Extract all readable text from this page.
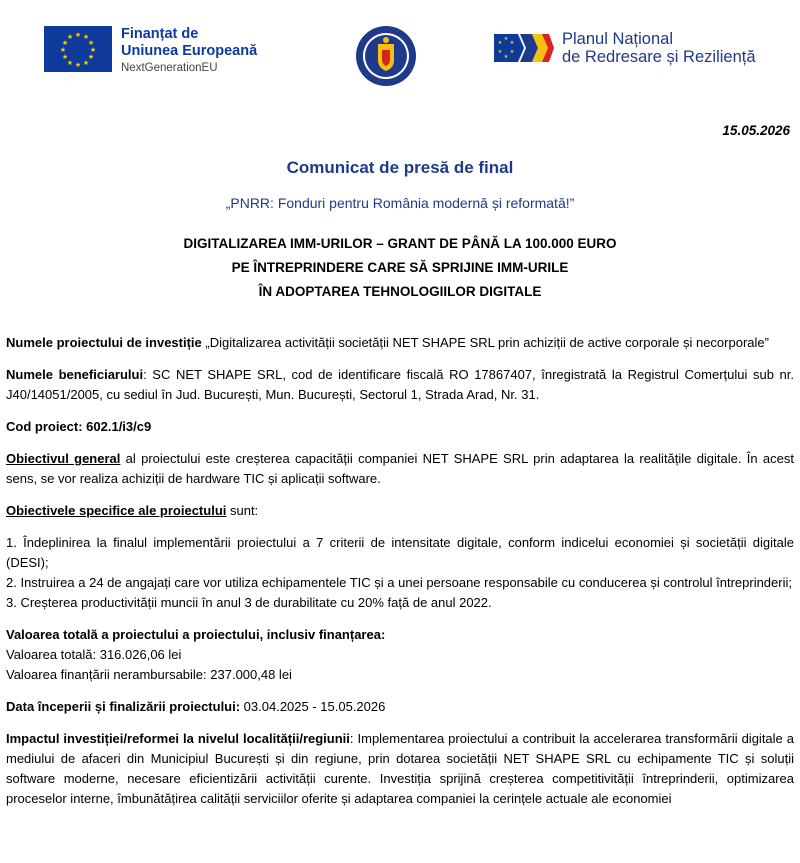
★ ★
★
★
★
★
★
★
★
★
★
★	Finanțat de
Uniunea Europeană
NextGenerationEU
★
★
★
★
★
★	Planul Național
de Redresare și Reziliență
15.05.2026
Comunicat de presă de final
„PNRR: Fonduri pentru România modernă și reformată!”
DIGITALIZAREA IMM-URILOR – GRANT DE PÂNĂ LA 100.000 EURO
PE ÎNTREPRINDERE CARE SĂ SPRIJINE IMM-URILE
ÎN ADOPTAREA TEHNOLOGIILOR DIGITALE

Numele proiectului de investiție „Digitalizarea activității societății NET SHAPE SRL prin achiziții de active corporale și necorporale”

Numele beneficiarului: SC NET SHAPE SRL, cod de identificare fiscală RO 17867407, înregistrată la Registrul Comerțului sub nr. J40/14051/2005, cu sediul în Jud. București, Mun. București, Sectorul 1, Strada Arad, Nr. 31.

Cod proiect: 602.1/i3/c9

Obiectivul general al proiectului este creșterea capacității companiei NET SHAPE SRL prin adaptarea la realitățile digitale. În acest sens, se vor realiza achiziții de hardware TIC și aplicații software.

Obiectivele specifice ale proiectului sunt:

1. Îndeplinirea la finalul implementării proiectului a 7 criterii de intensitate digitale, conform indicelui economiei și societății digitale (DESI);

2. Instruirea a 24 de angajați care vor utiliza echipamentele TIC și a unei persoane responsabile cu conducerea și controlul întreprinderii;

3. Creșterea productivității muncii în anul 3 de durabilitate cu 20% față de anul 2022.

Valoarea totală a proiectului a proiectului, inclusiv finanțarea:

Valoarea totală: 316.026,06 lei

Valoarea finanțării nerambursabile: 237.000,48 lei

Data începerii și finalizării proiectului: 03.04.2025 - 15.05.2026

Impactul investiției/reformei la nivelul localității/regiunii: Implementarea proiectului a contribuit la accelerarea transformării digitale a mediului de afaceri din Municipiul București și din regiune, prin dotarea societății NET SHAPE SRL cu echipamente TIC și soluții software moderne, necesare eficientizării activității curente. Investiția sprijină creșterea competitivității întreprinderii, optimizarea proceselor interne, îmbunătățirea calității serviciilor oferite și adaptarea companiei la cerințele actuale ale economiei
